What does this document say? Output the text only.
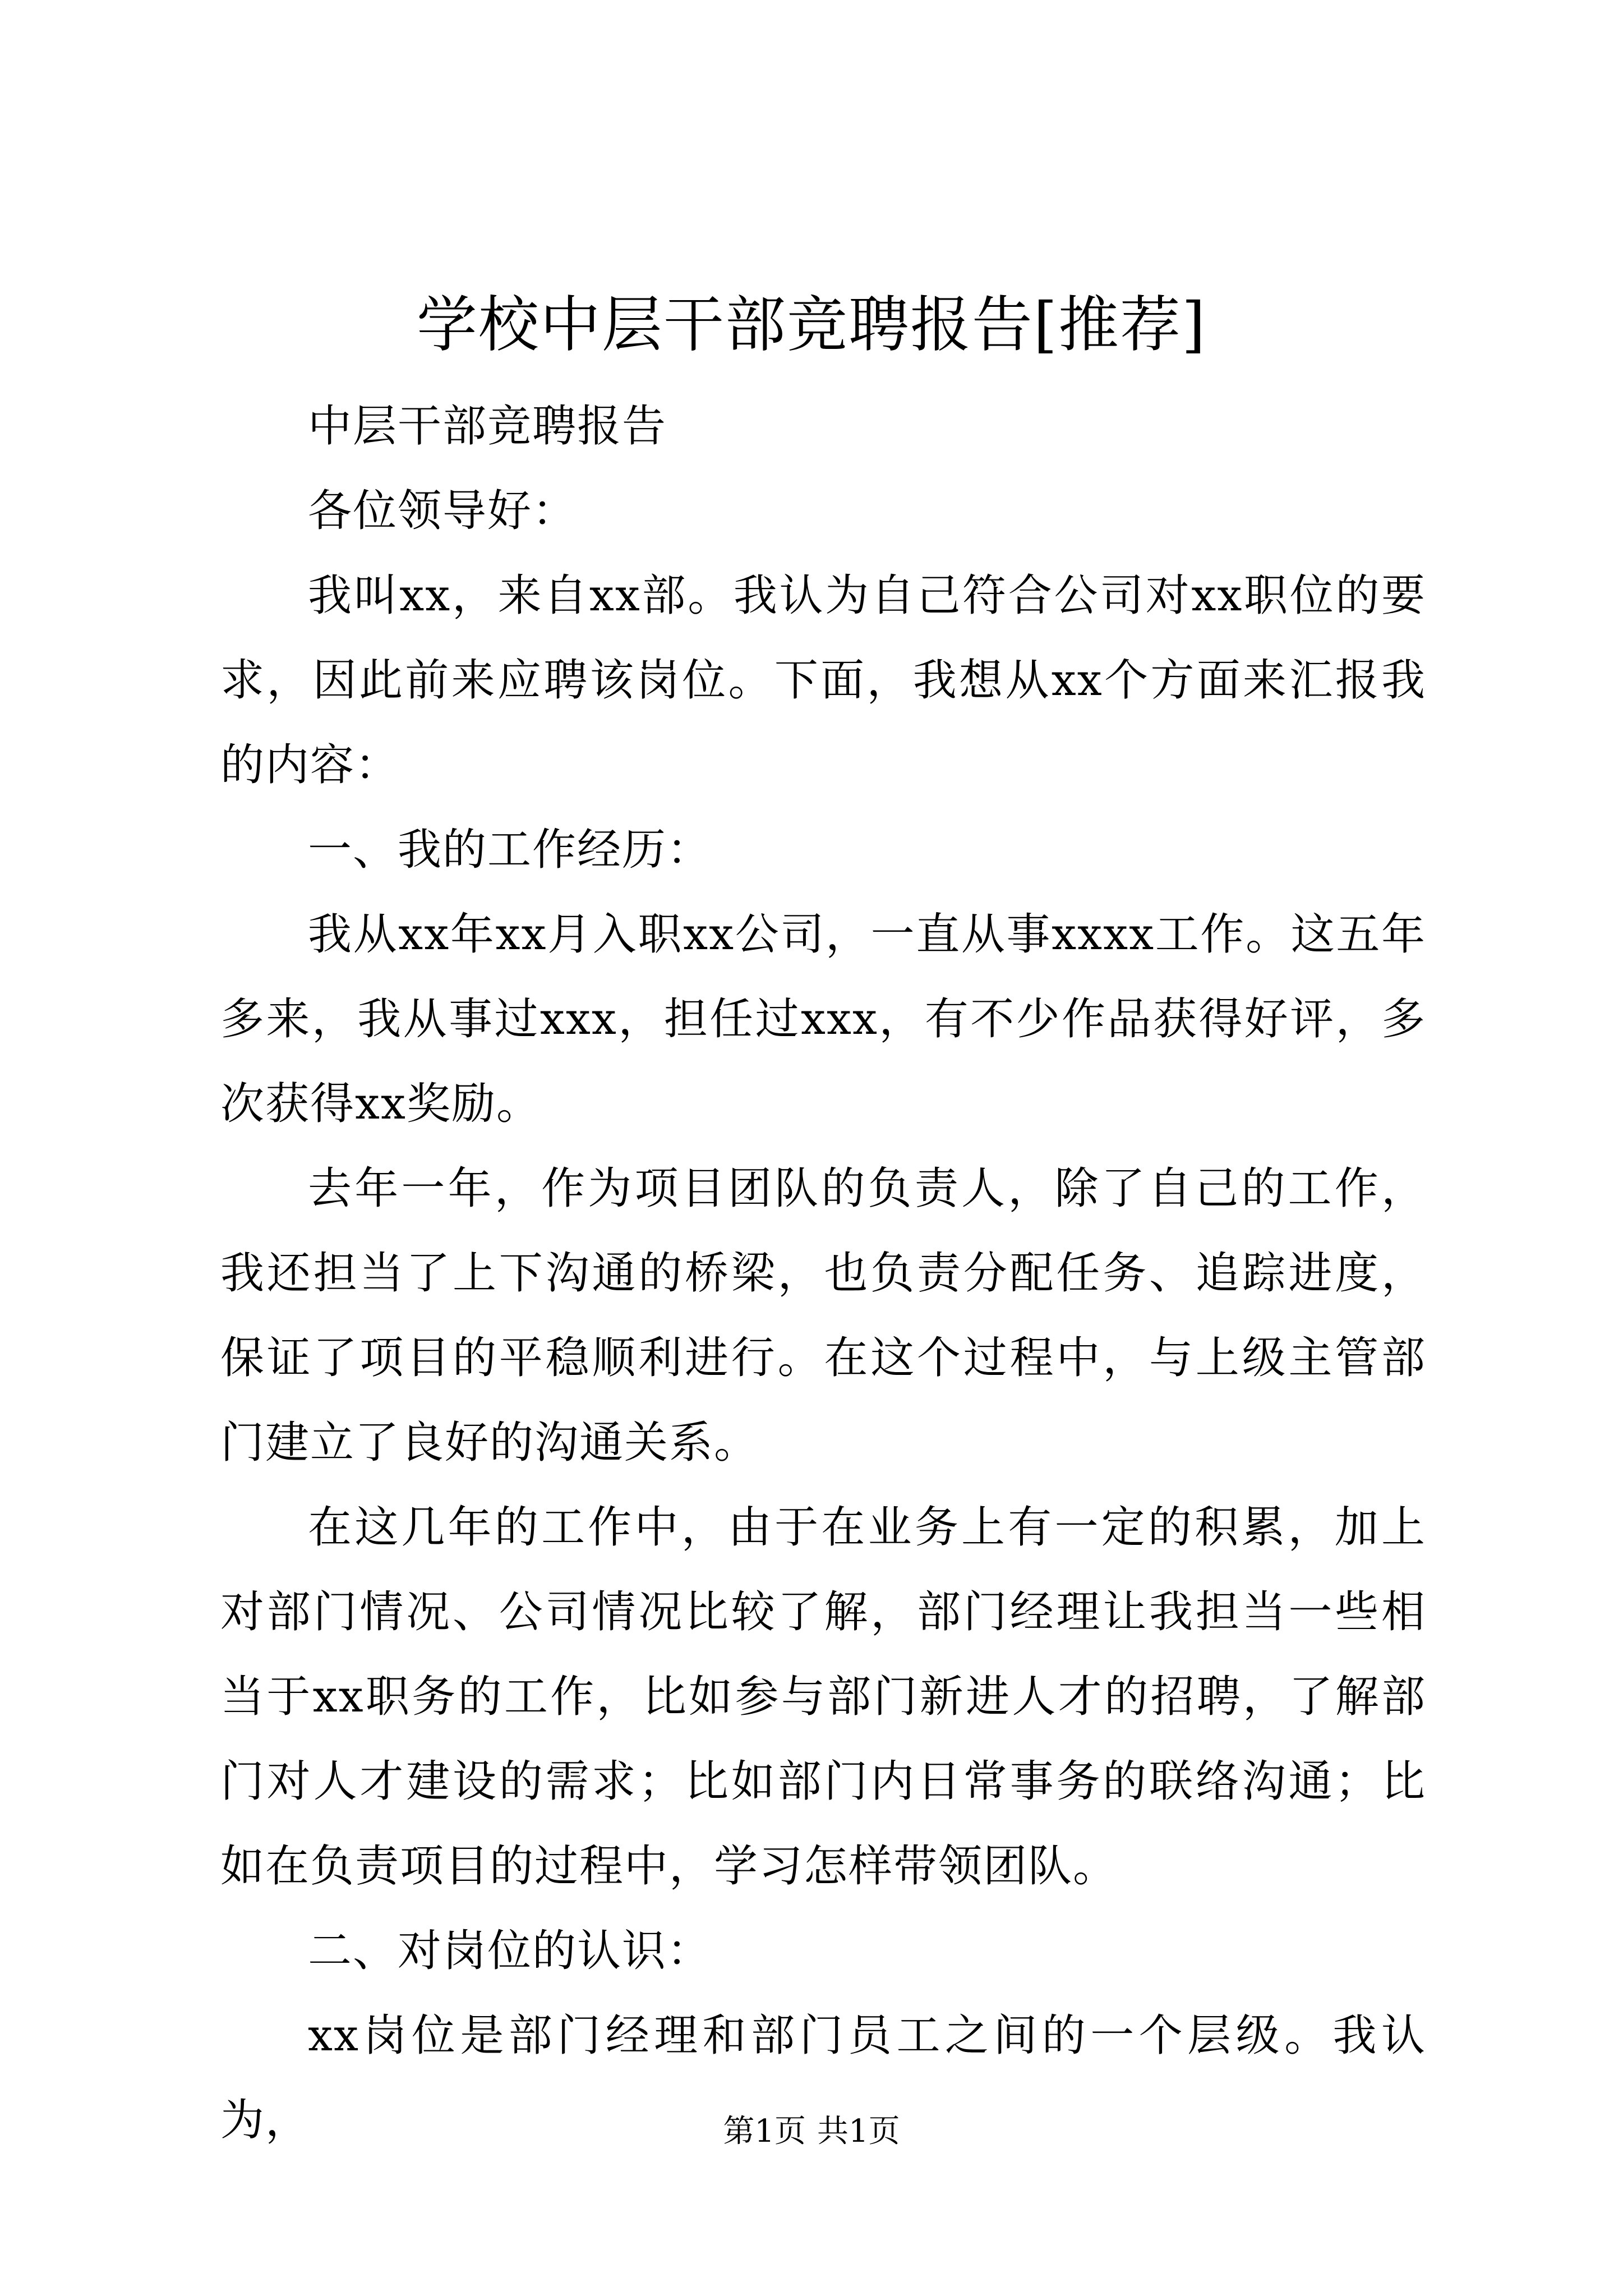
学校中层干部竞聘报告[推荐]

中层干部竞聘报告

各位领导好：

我叫xx，来自xx部。我认为自己符合公司对xx职位的要求，因此前来应聘该岗位。下面，我想从xx个方面来汇报我的内容：

一、我的工作经历：

我从xx年xx月入职xx公司，一直从事xxxx工作。这五年多来，我从事过xxx，担任过xxx，有不少作品获得好评，多次获得xx奖励。

去年一年，作为项目团队的负责人，除了自己的工作，我还担当了上下沟通的桥梁，也负责分配任务、追踪进度，保证了项目的平稳顺利进行。在这个过程中，与上级主管部门建立了良好的沟通关系。

在这几年的工作中，由于在业务上有一定的积累，加上对部门情况、公司情况比较了解，部门经理让我担当一些相当于xx职务的工作，比如参与部门新进人才的招聘，了解部门对人才建设的需求；比如部门内日常事务的联络沟通；比如在负责项目的过程中，学习怎样带领团队。

二、对岗位的认识：

xx岗位是部门经理和部门员工之间的一个层级。我认为，	第1页 共1页
